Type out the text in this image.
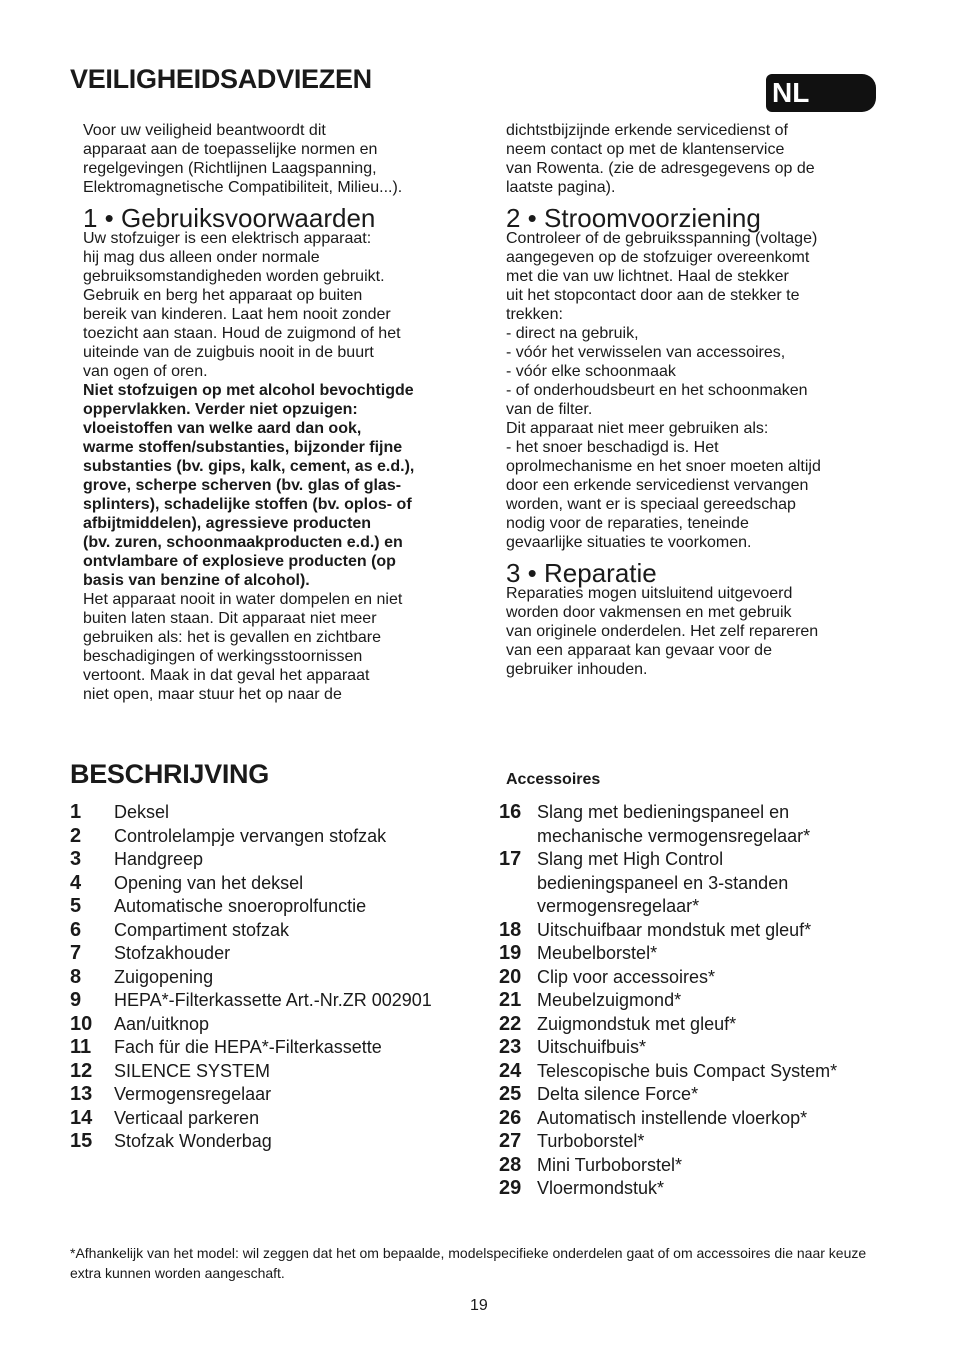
VEILIGHEIDSADVIEZEN	NL

Voor uw veiligheid beantwoordt dit
apparaat aan de toepasselijke normen en
regelgevingen (Richtlijnen Laagspanning,
Elektromagnetische Compatibiliteit, Milieu...).

1 • Gebruiksvoorwaarden

Uw stofzuiger is een elektrisch apparaat:
hij mag dus alleen onder normale
gebruiksomstandigheden worden gebruikt.
Gebruik en berg het apparaat op buiten
bereik van kinderen. Laat hem nooit zonder
toezicht aan staan. Houd de zuigmond of het
uiteinde van de zuigbuis nooit in de buurt
van ogen of oren.

Niet stofzuigen op met alcohol bevochtigde
oppervlakken. Verder niet opzuigen:
vloeistoffen van welke aard dan ook,
warme stoffen/substanties, bijzonder fijne
substanties (bv. gips, kalk, cement, as e.d.),
grove, scherpe scherven (bv. glas of glas-
splinters), schadelijke stoffen (bv. oplos- of
afbijtmiddelen), agressieve producten
(bv. zuren, schoonmaakproducten e.d.) en
ontvlambare of explosieve producten (op
basis van benzine of alcohol).

Het apparaat nooit in water dompelen en niet
buiten laten staan. Dit apparaat niet meer
gebruiken als: het is gevallen en zichtbare
beschadigingen of werkingsstoornissen
vertoont. Maak in dat geval het apparaat
niet open, maar stuur het op naar de

dichtstbijzijnde erkende servicedienst of
neem contact op met de klantenservice
van Rowenta. (zie de adresgegevens op de
laatste pagina).

2 • Stroomvoorziening

Controleer of de gebruiksspanning (voltage)
aangegeven op de stofzuiger overeenkomt
met die van uw lichtnet. Haal de stekker
uit het stopcontact door aan de stekker te
trekken:
- direct na gebruik,
- vóór het verwisselen van accessoires,
- vóór elke schoonmaak
- of onderhoudsbeurt en het schoonmaken
van de filter.
Dit apparaat niet meer gebruiken als:
- het snoer beschadigd is. Het
oprolmechanisme en het snoer moeten altijd
door een erkende servicedienst vervangen
worden, want er is speciaal gereedschap
nodig voor de reparaties, teneinde
gevaarlijke situaties te voorkomen.

3 • Reparatie

Reparaties mogen uitsluitend uitgevoerd
worden door vakmensen en met gebruik
van originele onderdelen. Het zelf repareren
van een apparaat kan gevaar voor de
gebruiker inhouden.

BESCHRIJVING
1	Deksel
2	Controlelampje vervangen stofzak
3	Handgreep
4	Opening van het deksel
5	Automatische snoeroprolfunctie
6	Compartiment stofzak
7	Stofzakhouder
8	Zuigopening
9	HEPA*-Filterkassette Art.-Nr.ZR 002901
10	Aan/uitknop
11	Fach für die HEPA*-Filterkassette
12	SILENCE SYSTEM
13	Vermogensregelaar
14	Verticaal parkeren
15	Stofzak Wonderbag
Accessoires
16 Slang met bedieningspaneel en
mechanische vermogensregelaar*
17 Slang met High Control
bedieningspaneel en 3-standen
vermogensregelaar*
18 Uitschuifbaar mondstuk met gleuf*
19 Meubelborstel*
20 Clip voor accessoires*
21 Meubelzuigmond*
22 Zuigmondstuk met gleuf*
23 Uitschuifbuis*
24 Telescopische buis Compact System*
25 Delta silence Force*
26 Automatisch instellende vloerkop*
27 Turboborstel*
28 Mini Turboborstel*
29 Vloermondstuk*
*Afhankelijk van het model: wil zeggen dat het om bepaalde, modelspecifieke onderdelen gaat of om accessoires die naar keuze extra kunnen worden aangeschaft.
19
